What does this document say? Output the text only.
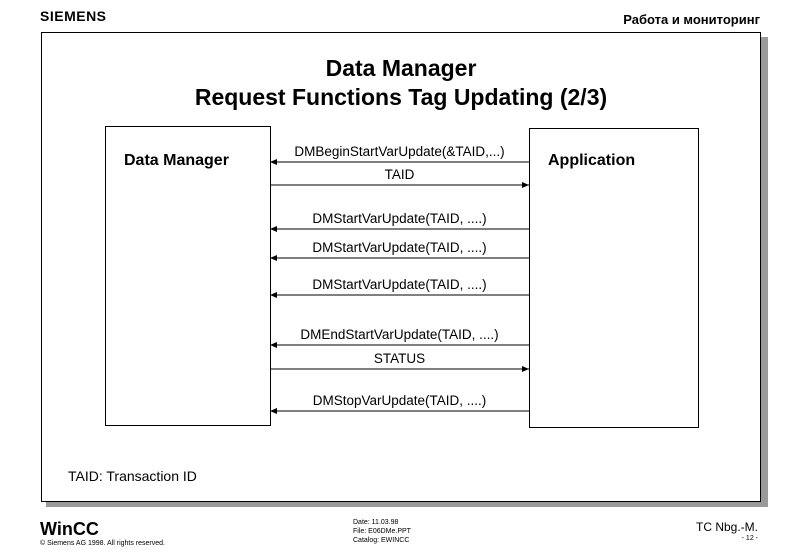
SIEMENS	Работа и мониторинг
Data Manager
Request Functions Tag Updating (2/3)
Data Manager	Application
DMBeginStartVarUpdate(&TAID,...)
TAID
DMStartVarUpdate(TAID, ....)
DMStartVarUpdate(TAID, ....)
DMStartVarUpdate(TAID, ....)
DMEndStartVarUpdate(TAID, ....)
STATUS
DMStopVarUpdate(TAID, ....)
TAID: Transaction ID
WinCC
© Siemens AG 1998. All rights reserved.
Date: 11.03.98
File: E06DMe.PPT
Catalog: EWINCC
TC Nbg.-M.
- 12 -
